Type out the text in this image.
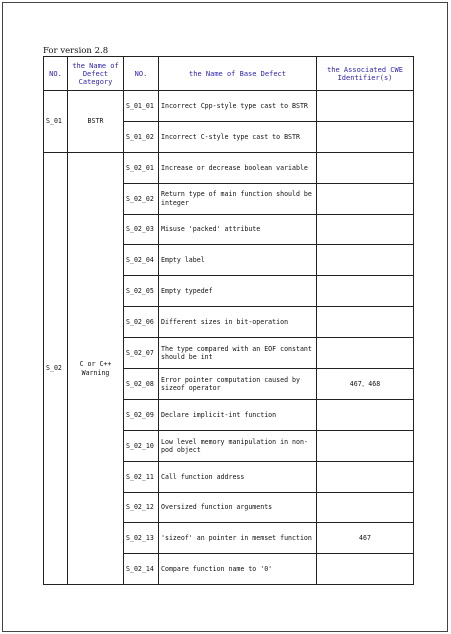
For version 2.8
NO.	the Name of Defect Category	NO.	the Name of Base Defect	the Associated CWE Identifier(s)
S_01	BSTR	S_01_01	Incorrect Cpp-style type cast to BSTR	
		S_01_02	Incorrect C-style type cast to BSTR	
S_02	C or C++ Warning	S_02_01	Increase or decrease boolean variable	
		S_02_02	Return type of main function should be integer	
		S_02_03	Misuse 'packed' attribute	
		S_02_04	Empty label	
		S_02_05	Empty typedef	
		S_02_06	Different sizes in bit-operation	
		S_02_07	The type compared with an EOF constant should be int	
		S_02_08	Error pointer computation caused by sizeof operator	467、468
		S_02_09	Declare implicit-int function	
		S_02_10	Low level memory manipulation in non-pod object	
		S_02_11	Call function address	
		S_02_12	Oversized function arguments	
		S_02_13	'sizeof' an pointer in memset function	467
		S_02_14	Compare function name to '0'	
